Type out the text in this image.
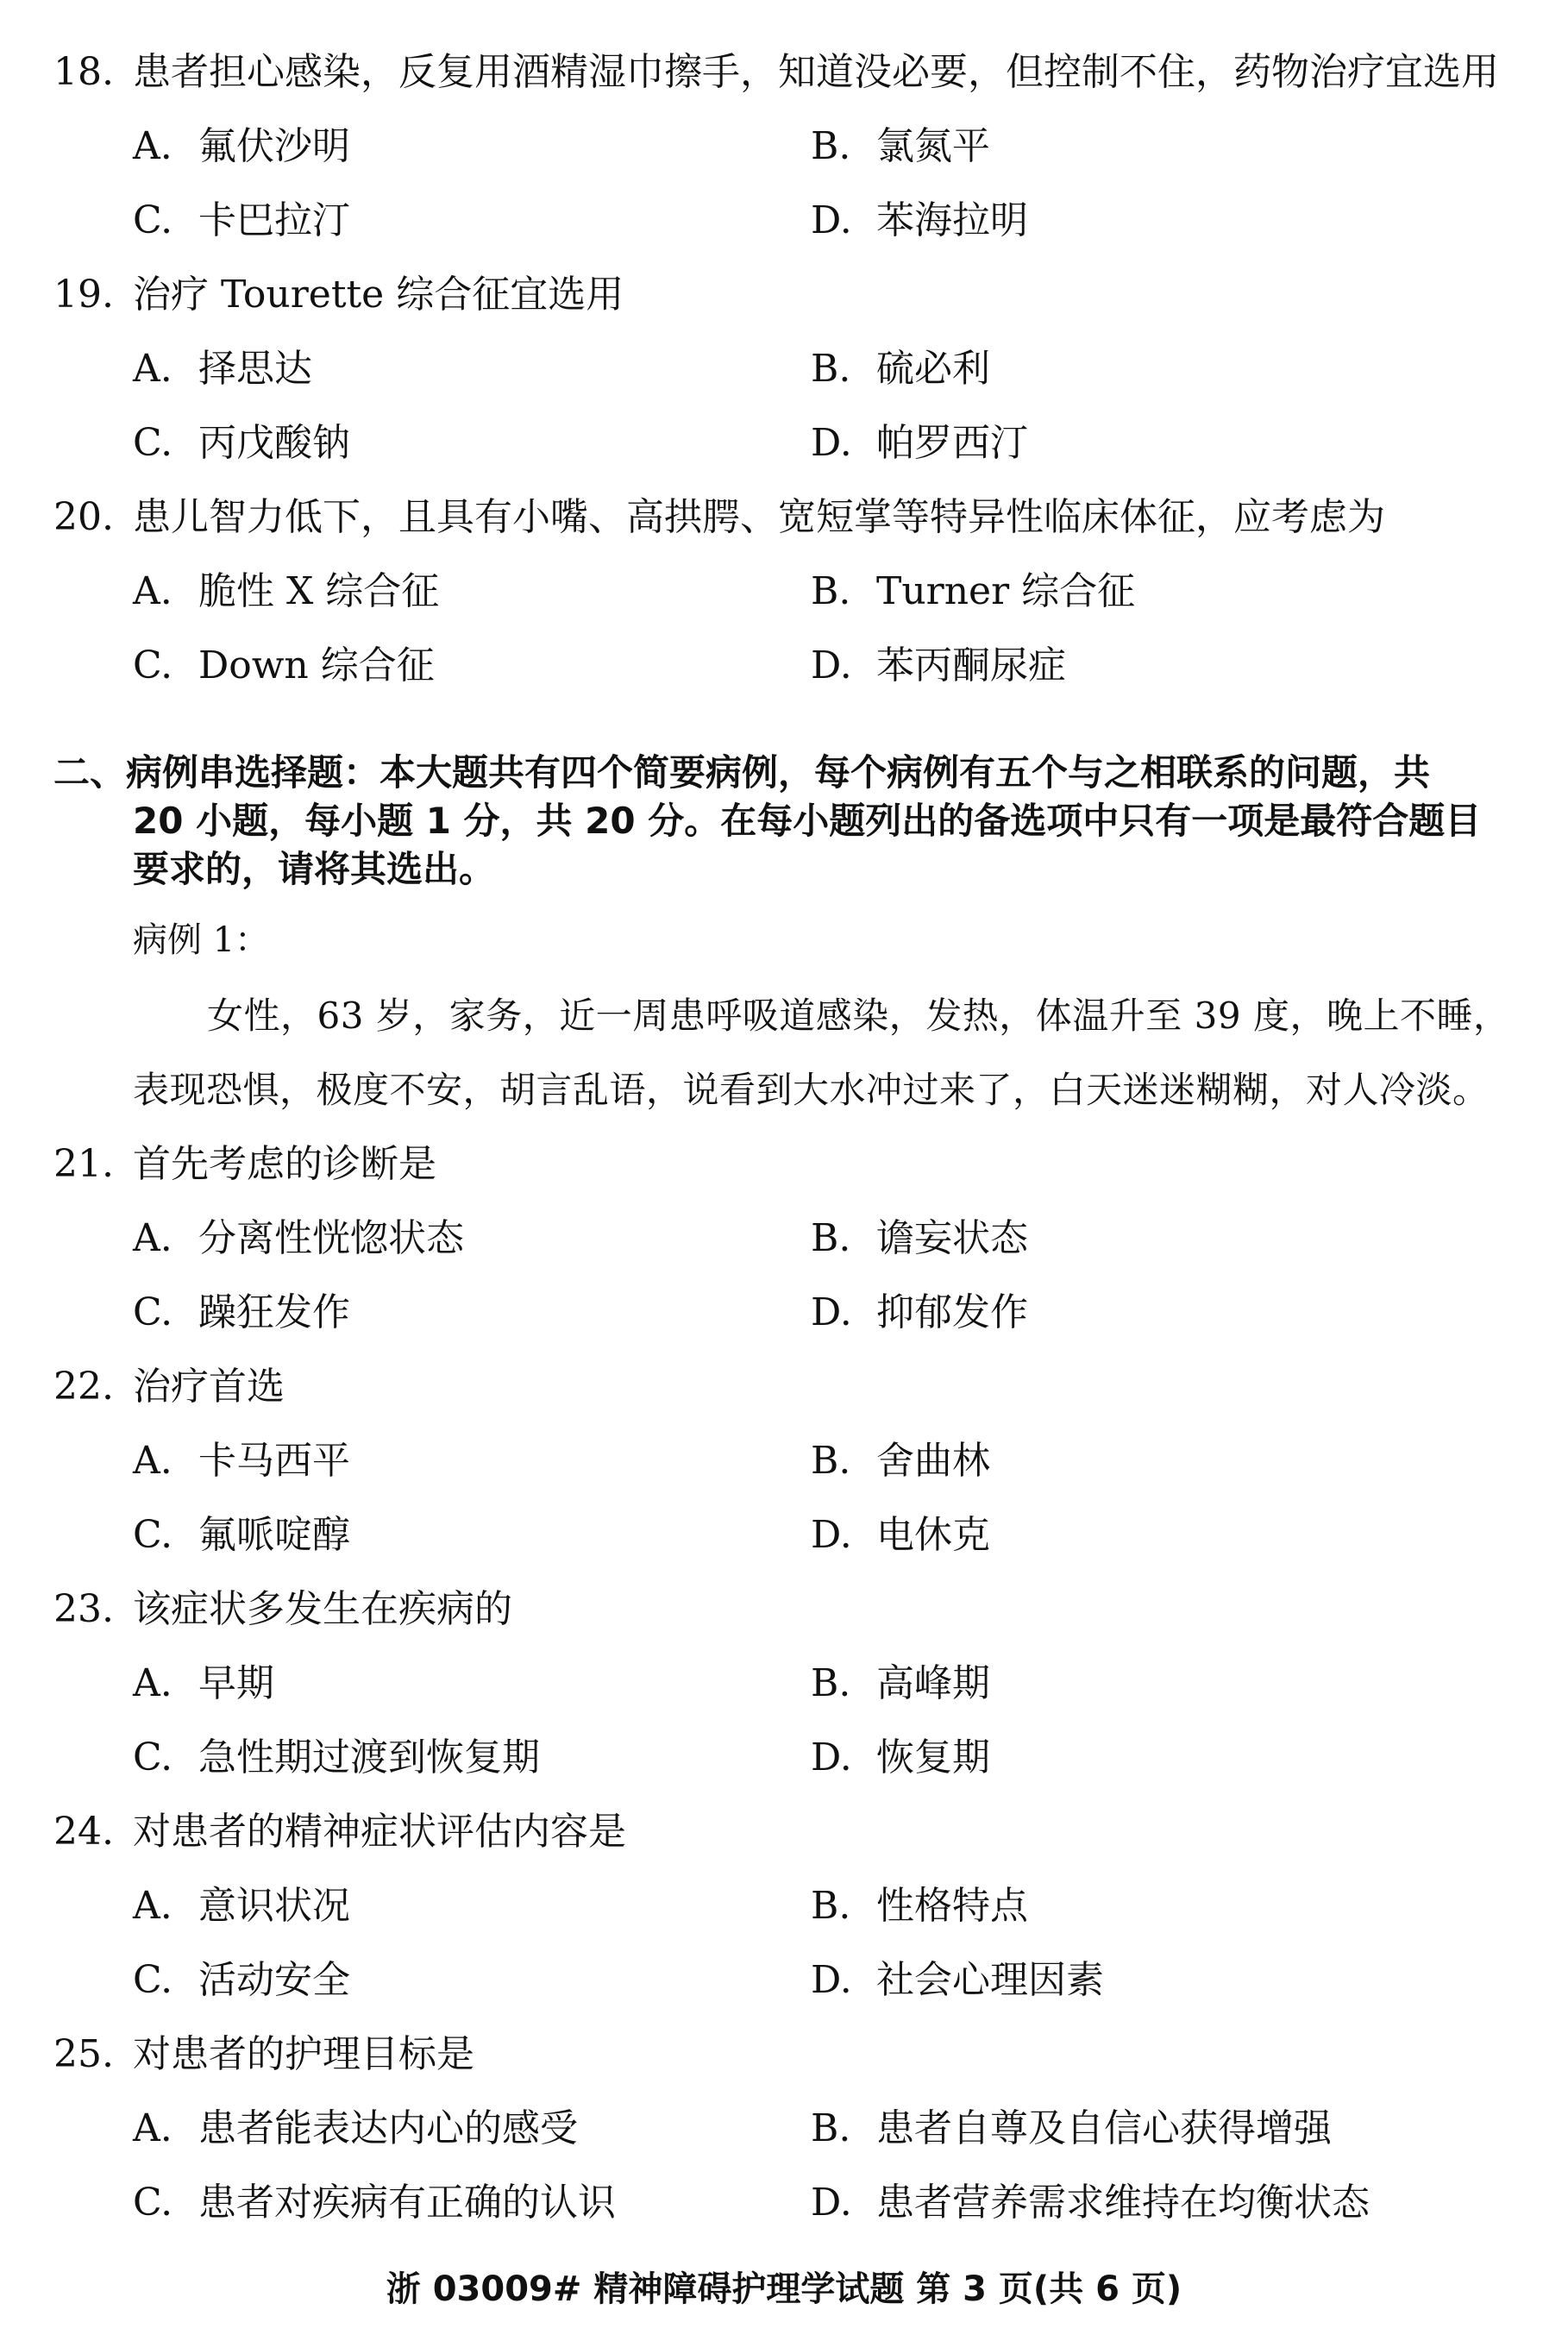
18. 患者担心感染，反复用酒精湿巾擦手，知道没必要，但控制不住，药物治疗宜选用
A. 氟伏沙明	B. 氯氮平
C. 卡巴拉汀	D. 苯海拉明
19. 治疗 Tourette 综合征宜选用
A. 择思达	B. 硫必利
C. 丙戊酸钠	D. 帕罗西汀
20. 患儿智力低下，且具有小嘴、高拱腭、宽短掌等特异性临床体征，应考虑为
A. 脆性 X 综合征	B. Turner 综合征
C. Down 综合征	D. 苯丙酮尿症
二、病例串选择题：本大题共有四个简要病例，每个病例有五个与之相联系的问题，共
20 小题，每小题 1 分，共 20 分。在每小题列出的备选项中只有一项是最符合题目
要求的，请将其选出。
病例 1：
女性，63 岁，家务，近一周患呼吸道感染，发热，体温升至 39 度，晚上不睡，
表现恐惧，极度不安，胡言乱语，说看到大水冲过来了，白天迷迷糊糊，对人冷淡。
21. 首先考虑的诊断是
A. 分离性恍惚状态	B. 谵妄状态
C. 躁狂发作	D. 抑郁发作
22. 治疗首选
A. 卡马西平	B. 舍曲林
C. 氟哌啶醇	D. 电休克
23. 该症状多发生在疾病的
A. 早期	B. 高峰期
C. 急性期过渡到恢复期	D. 恢复期
24. 对患者的精神症状评估内容是
A. 意识状况	B. 性格特点
C. 活动安全	D. 社会心理因素
25. 对患者的护理目标是
A. 患者能表达内心的感受	B. 患者自尊及自信心获得增强
C. 患者对疾病有正确的认识	D. 患者营养需求维持在均衡状态
浙 03009# 精神障碍护理学试题 第 3 页(共 6 页)
